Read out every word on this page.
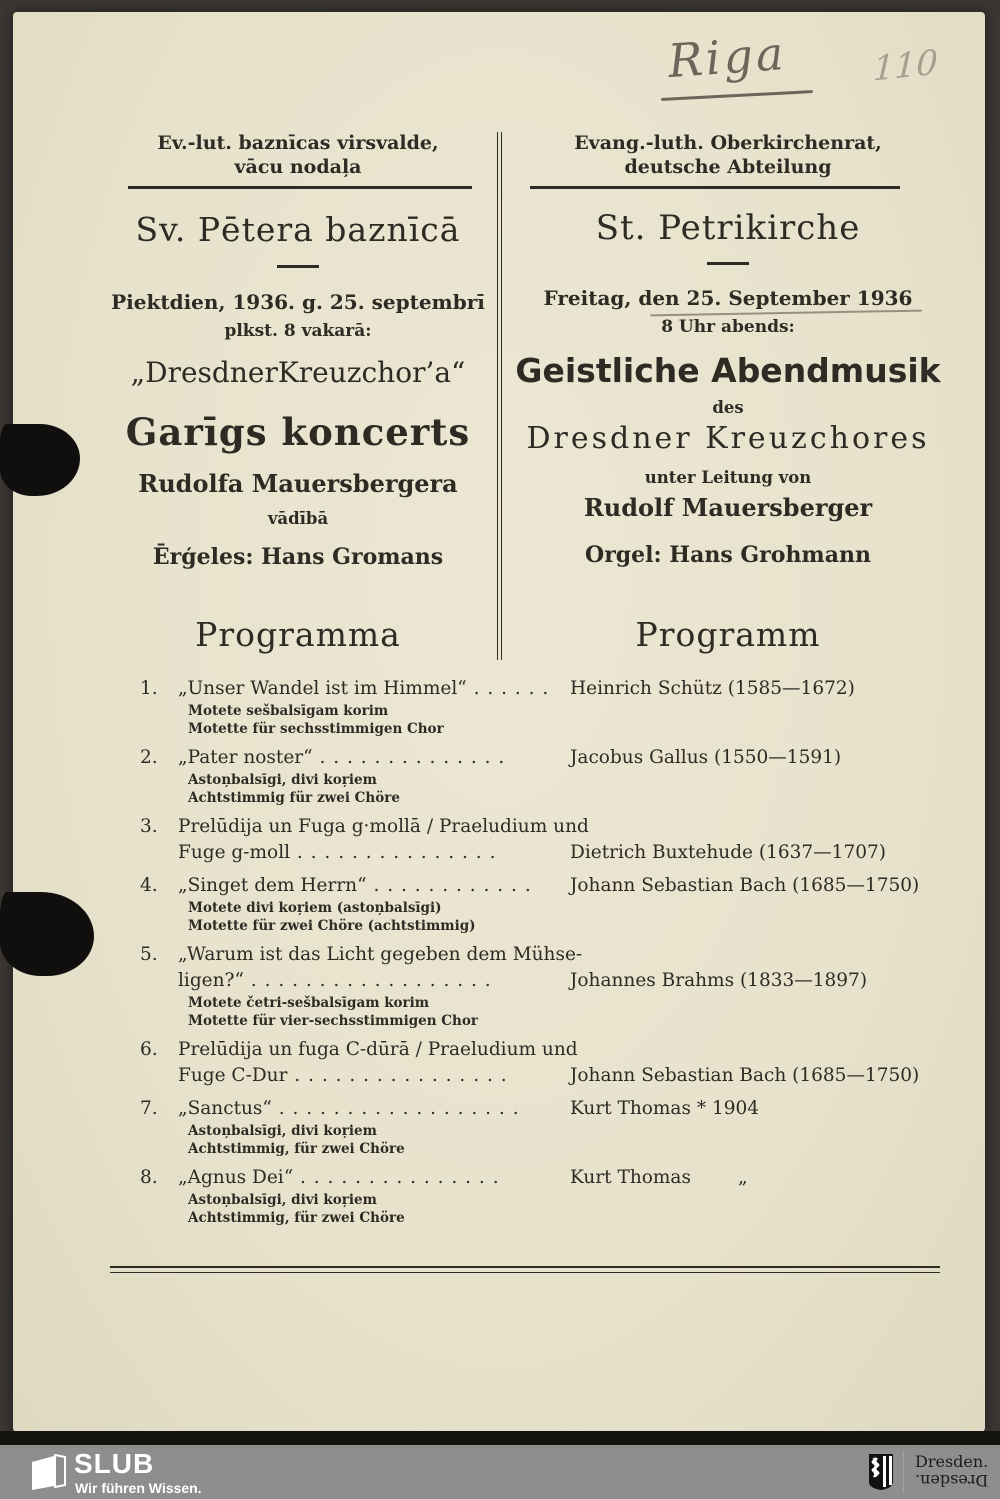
Riga 110
Ev.-lut. baznīcas virsvalde,
vācu nodaļa
Sv. Pētera baznīcā
Piektdien, 1936. g. 25. septembrī
plkst. 8 vakarā:
„DresdnerKreuzchor’a“
Garīgs koncerts
Rudolfa Mauersbergera
vādībā
Ērģeles: Hans Gromans
Programma
Evang.-luth. Oberkirchenrat,
deutsche Abteilung
St. Petrikirche
Freitag, den 25. September 1936
8 Uhr abends:
Geistliche Abendmusik
des
Dresdner Kreuzchores
unter Leitung von
Rudolf Mauersberger
Orgel: Hans Grohmann
Programm
1.	„Unser Wandel ist im Himmel“ . . . . . .	Heinrich Schütz (1585—1672)
Motete sešbalsīgam korim
Motette für sechsstimmigen Chor
2.	„Pater noster“ . . . . . . . . . . . . . .	Jacobus Gallus (1550—1591)
Astoņbalsīgi, divi koŗiem
Achtstimmig für zwei Chöre
3.	Prelūdija un Fuga g·mollā / Praeludium und
Fuge g-moll . . . . . . . . . . . . . . .	Dietrich Buxtehude (1637—1707)
4.	„Singet dem Herrn“ . . . . . . . . . . . .	Johann Sebastian Bach (1685—1750)
Motete divi koŗiem (astoņbalsīgi)
Motette für zwei Chöre (achtstimmig)
5.	„Warum ist das Licht gegeben dem Mühse-
ligen?“ . . . . . . . . . . . . . . . . . .	Johannes Brahms (1833—1897)
Motete četri-sešbalsīgam korim
Motette für vier-sechsstimmigen Chor
6.	Prelūdija un fuga C-dūrā / Praeludium und
Fuge C-Dur . . . . . . . . . . . . . . . .	Johann Sebastian Bach (1685—1750)
7.	„Sanctus“ . . . . . . . . . . . . . . . . . .	Kurt Thomas * 1904
Astoņbalsīgi, divi koŗiem
Achtstimmig, für zwei Chöre
8.	„Agnus Dei“ . . . . . . . . . . . . . . .	Kurt Thomas        „
Astoņbalsīgi, divi koŗiem
Achtstimmig, für zwei Chöre
SLUB
Wir führen Wissen.
Dresden.
Dresden.
